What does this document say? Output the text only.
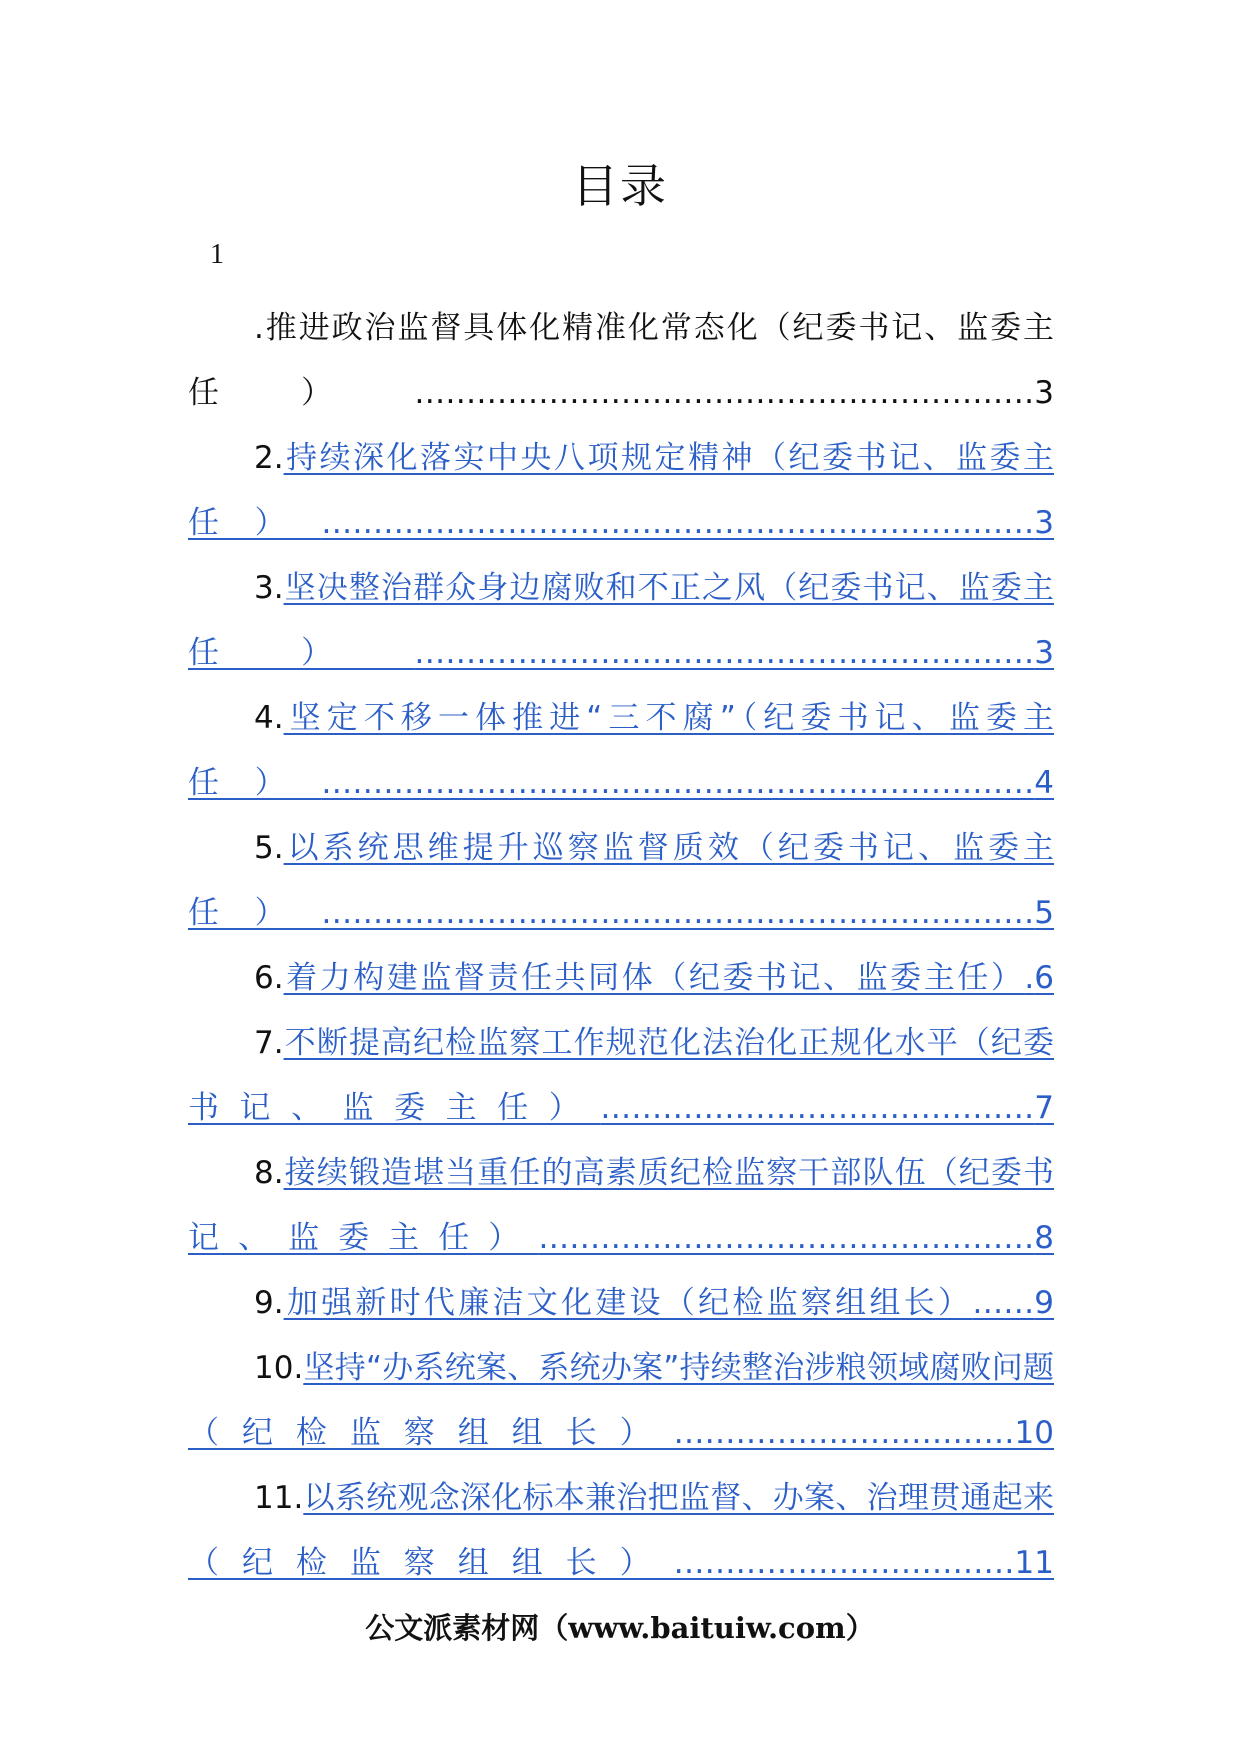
目录
1
.推进政治监督具体化精准化常态化（纪委书记、监委主任）……………………………………………………3
2.持续深化落实中央八项规定精神（纪委书记、监委主任）……………………………………………………………3
3.坚决整治群众身边腐败和不正之风（纪委书记、监委主任）……………………………………………………3
4.坚定不移一体推进“三不腐”（纪委书记、监委主任）……………………………………………………………4
5.以系统思维提升巡察监督质效（纪委书记、监委主任）……………………………………………………………5
6.着力构建监督责任共同体（纪委书记、监委主任）.6
7.不断提高纪检监察工作规范化法治化正规化水平（纪委书记、监委主任）……………………………………7
8.接续锻造堪当重任的高素质纪检监察干部队伍（纪委书记、监委主任）…………………………………………8
9.加强新时代廉洁文化建设（纪检监察组组长）……9
10.坚持“办系统案、系统办案”持续整治涉粮领域腐败问题（纪检监察组组长）……………………………10
11.以系统观念深化标本兼治把监督、办案、治理贯通起来（纪检监察组组长）……………………………11
公文派素材网（www.baituiw.com）
